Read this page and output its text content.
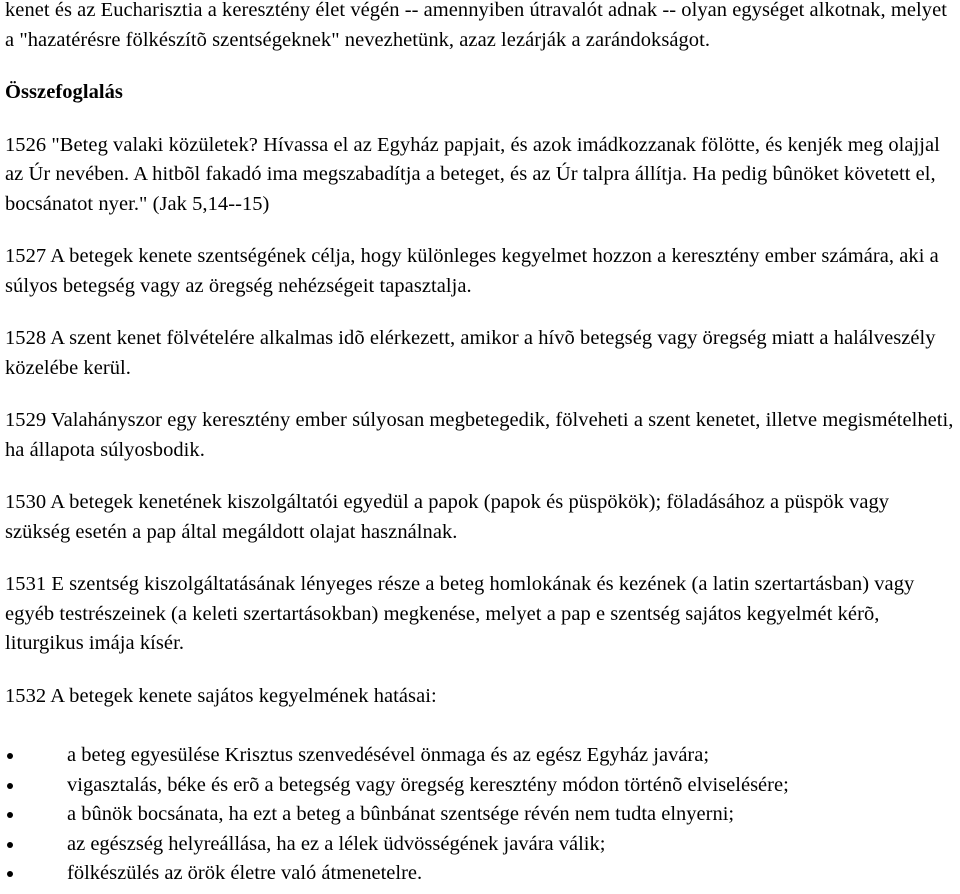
kenet és az Eucharisztia a keresztény élet végén -- amennyiben útravalót adnak -- olyan egységet alkotnak, melyet a "hazatérésre fölkészítõ szentségeknek" nevezhetünk, azaz lezárják a zarándokságot.

Összefoglalás

1526 "Beteg valaki közületek? Hívassa el az Egyház papjait, és azok imádkozzanak fölötte, és kenjék meg olajjal az Úr nevében. A hitbõl fakadó ima megszabadítja a beteget, és az Úr talpra állítja. Ha pedig bûnöket követett el, bocsánatot nyer." (Jak 5,14--15)

1527 A betegek kenete szentségének célja, hogy különleges kegyelmet hozzon a keresztény ember számára, aki a súlyos betegség vagy az öregség nehézségeit tapasztalja.

1528 A szent kenet fölvételére alkalmas idõ elérkezett, amikor a hívõ betegség vagy öregség miatt a halálveszély közelébe kerül.

1529 Valahányszor egy keresztény ember súlyosan megbetegedik, fölveheti a szent kenetet, illetve megismételheti, ha állapota súlyosbodik.

1530 A betegek kenetének kiszolgáltatói egyedül a papok (papok és püspökök); föladásához a püspök vagy szükség esetén a pap által megáldott olajat használnak.

1531 E szentség kiszolgáltatásának lényeges része a beteg homlokának és kezének (a latin szertartásban) vagy egyéb testrészeinek (a keleti szertartásokban) megkenése, melyet a pap e szentség sajátos kegyelmét kérõ, liturgikus imája kísér.

1532 A betegek kenete sajátos kegyelmének hatásai:

a beteg egyesülése Krisztus szenvedésével önmaga és az egész Egyház javára;
vigasztalás, béke és erõ a betegség vagy öregség keresztény módon történõ elviselésére;
a bûnök bocsánata, ha ezt a beteg a bûnbánat szentsége révén nem tudta elnyerni;
az egészség helyreállása, ha ez a lélek üdvösségének javára válik;
fölkészülés az örök életre való átmenetelre.
